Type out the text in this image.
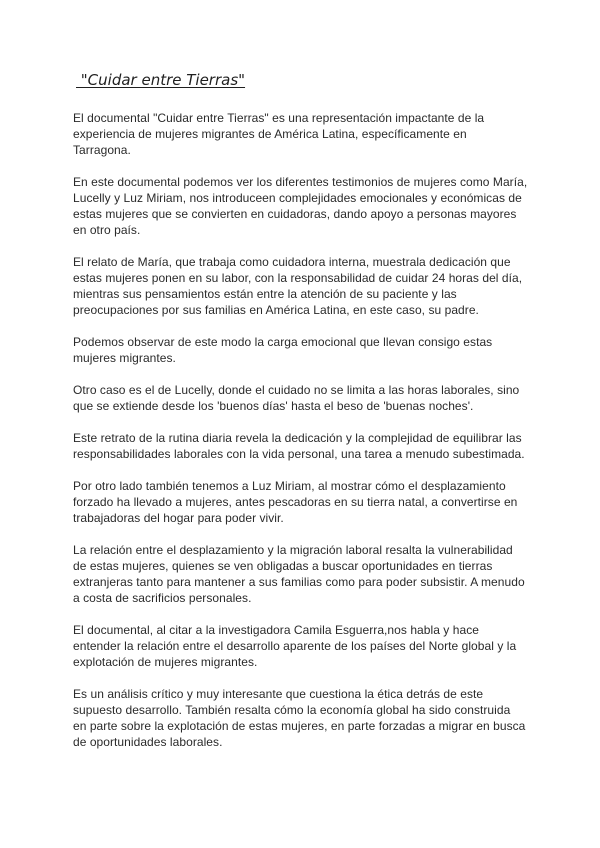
"Cuidar entre Tierras"

El documental "Cuidar entre Tierras" es una representación impactante de la
experiencia de mujeres migrantes de América Latina, específicamente en
Tarragona.

En este documental podemos ver los diferentes testimonios de mujeres como María,
Lucelly y Luz Miriam, nos introduceen complejidades emocionales y económicas de
estas mujeres que se convierten en cuidadoras, dando apoyo a personas mayores
en otro país.

El relato de María, que trabaja como cuidadora interna, muestrala dedicación que
estas mujeres ponen en su labor, con la responsabilidad de cuidar 24 horas del día,
mientras sus pensamientos están entre la atención de su paciente y las
preocupaciones por sus familias en América Latina, en este caso, su padre.

Podemos observar de este modo la carga emocional que llevan consigo estas
mujeres migrantes.

Otro caso es el de Lucelly, donde el cuidado no se limita a las horas laborales, sino
que se extiende desde los 'buenos días' hasta el beso de 'buenas noches'.

Este retrato de la rutina diaria revela la dedicación y la complejidad de equilibrar las
responsabilidades laborales con la vida personal, una tarea a menudo subestimada.

Por otro lado también tenemos a Luz Miriam, al mostrar cómo el desplazamiento
forzado ha llevado a mujeres, antes pescadoras en su tierra natal, a convertirse en
trabajadoras del hogar para poder vivir.

La relación entre el desplazamiento y la migración laboral resalta la vulnerabilidad
de estas mujeres, quienes se ven obligadas a buscar oportunidades en tierras
extranjeras tanto para mantener a sus familias como para poder subsistir. A menudo
a costa de sacrificios personales.

El documental, al citar a la investigadora Camila Esguerra,nos habla y hace
entender la relación entre el desarrollo aparente de los países del Norte global y la
explotación de mujeres migrantes.

Es un análisis crítico y muy interesante que cuestiona la ética detrás de este
supuesto desarrollo. También resalta cómo la economía global ha sido construida
en parte sobre la explotación de estas mujeres, en parte forzadas a migrar en busca
de oportunidades laborales.
